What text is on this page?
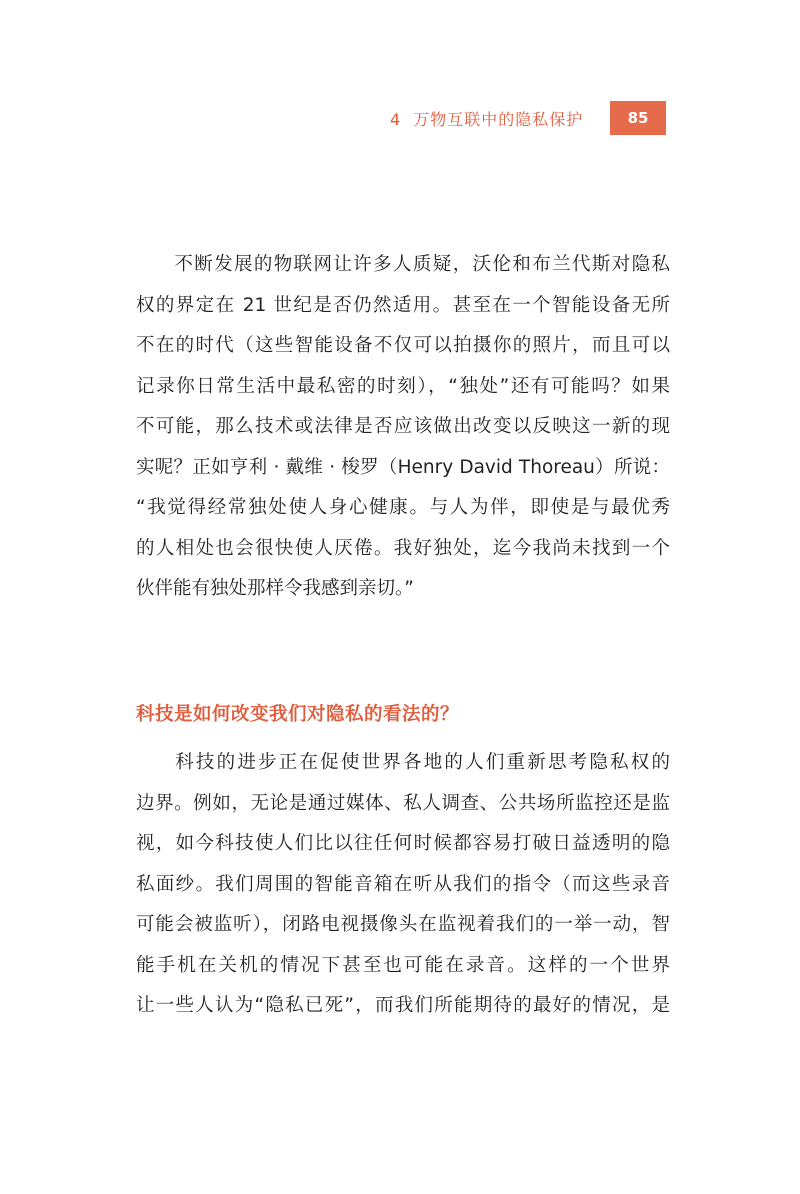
4 万物互联中的隐私保护	85
不断发展的物联网让许多人质疑，沃伦和布兰代斯对隐私
权的界定在 21 世纪是否仍然适用。甚至在一个智能设备无所
不在的时代（这些智能设备不仅可以拍摄你的照片，而且可以
记录你日常生活中最私密的时刻），“独处”还有可能吗？如果
不可能，那么技术或法律是否应该做出改变以反映这一新的现
实呢？正如亨利 · 戴维 · 梭罗（Henry David Thoreau）所说：
“我觉得经常独处使人身心健康。与人为伴，即使是与最优秀
的人相处也会很快使人厌倦。我好独处，迄今我尚未找到一个
伙伴能有独处那样令我感到亲切。”
科技是如何改变我们对隐私的看法的？
科技的进步正在促使世界各地的人们重新思考隐私权的
边界。例如，无论是通过媒体、私人调查、公共场所监控还是监
视，如今科技使人们比以往任何时候都容易打破日益透明的隐
私面纱。我们周围的智能音箱在听从我们的指令（而这些录音
可能会被监听），闭路电视摄像头在监视着我们的一举一动，智
能手机在关机的情况下甚至也可能在录音。这样的一个世界
让一些人认为“隐私已死”，而我们所能期待的最好的情况，是
